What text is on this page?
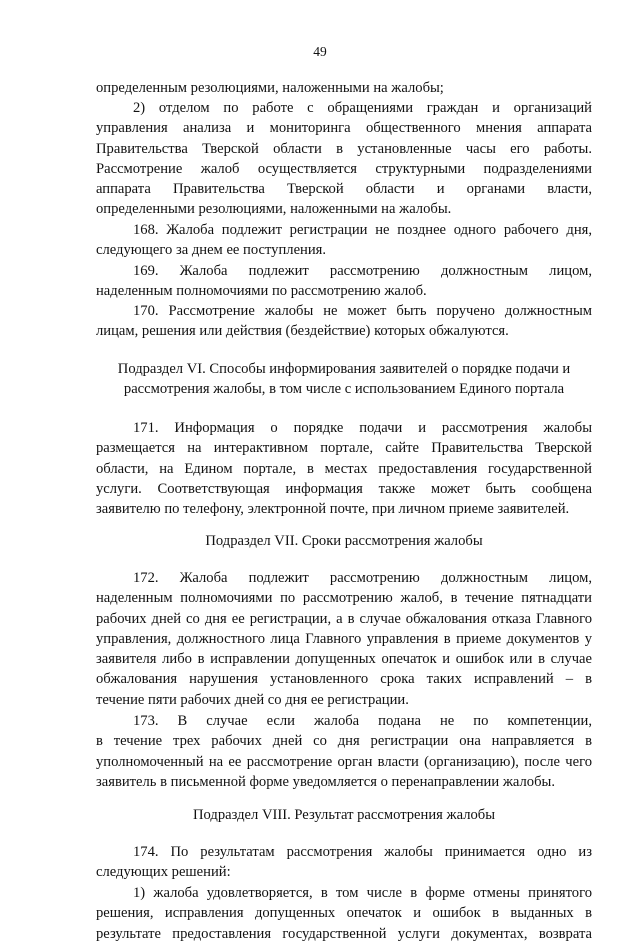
49
определенным резолюциями, наложенными на жалобы;
2) отделом по работе с обращениями граждан и организаций
управления анализа и мониторинга общественного мнения аппарата
Правительства Тверской области в установленные часы его работы.
Рассмотрение жалоб осуществляется структурными подразделениями
аппарата Правительства Тверской области и органами власти,
определенными резолюциями, наложенными на жалобы.
168. Жалоба подлежит регистрации не позднее одного рабочего дня,
следующего за днем ее поступления.
169. Жалоба подлежит рассмотрению должностным лицом,
наделенным полномочиями по рассмотрению жалоб.
170. Рассмотрение жалобы не может быть поручено должностным
лицам, решения или действия (бездействие) которых обжалуются.
Подраздел VI. Способы информирования заявителей о порядке подачи и
рассмотрения жалобы, в том числе с использованием Единого портала
171. Информация о порядке подачи и рассмотрения жалобы
размещается на интерактивном портале, сайте Правительства Тверской
области, на Едином портале, в местах предоставления государственной
услуги. Соответствующая информация также может быть сообщена
заявителю по телефону, электронной почте, при личном приеме заявителей.
Подраздел VII. Сроки рассмотрения жалобы
172. Жалоба подлежит рассмотрению должностным лицом,
наделенным полномочиями по рассмотрению жалоб, в течение пятнадцати
рабочих дней со дня ее регистрации, а в случае обжалования отказа Главного
управления, должностного лица Главного управления в приеме документов у
заявителя либо в исправлении допущенных опечаток и ошибок или в случае
обжалования нарушения установленного срока таких исправлений – в
течение пяти рабочих дней со дня ее регистрации.
173. В случае если жалоба подана не по компетенции,
в течение трех рабочих дней со дня регистрации она направляется в
уполномоченный на ее рассмотрение орган власти (организацию), после чего
заявитель в письменной форме уведомляется о перенаправлении жалобы.
Подраздел VIII. Результат рассмотрения жалобы
174. По результатам рассмотрения жалобы принимается одно из
следующих решений:
1) жалоба удовлетворяется, в том числе в форме отмены принятого
решения, исправления допущенных опечаток и ошибок в выданных в
результате предоставления государственной услуги документах, возврата
